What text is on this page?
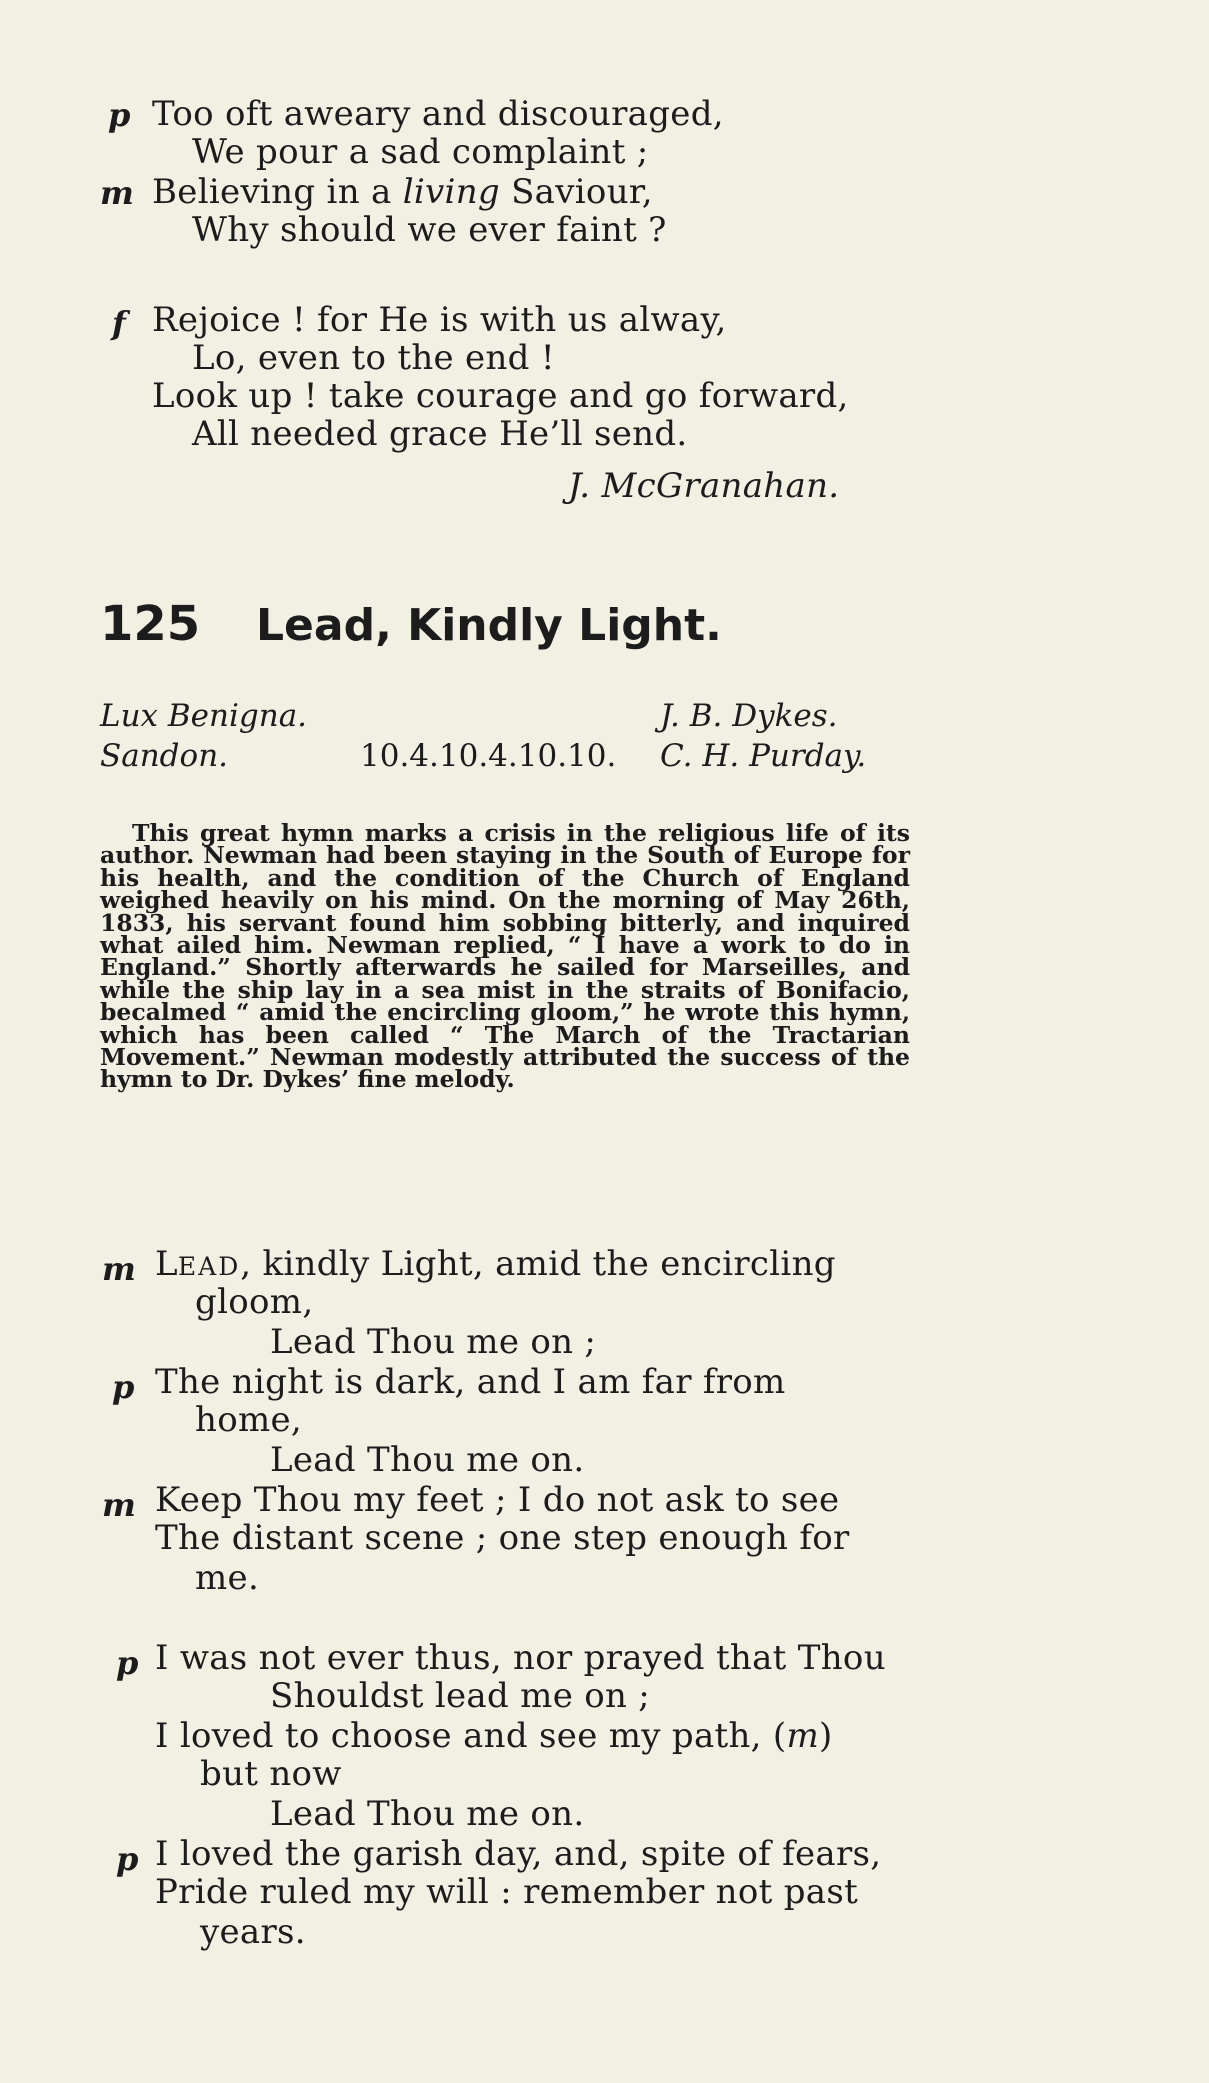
p Too oft aweary and discouraged,
We pour a sad complaint ;
m Believing in a living Saviour,
Why should we ever faint ?
f Rejoice ! for He is with us alway,
Lo, even to the end !
Look up ! take courage and go forward,
All needed grace He’ll send.
J. McGranahan.
125 Lead, Kindly Light.
Lux Benigna.	J. B. Dykes.
Sandon.	10.4.10.4.10.10. C. H. Purday.
This great hymn marks a crisis in the religious life of its author. Newman had been staying in the South of Europe for his health, and the condition of the Church of England weighed heavily on his mind. On the morning of May 26th, 1833, his servant found him sobbing bitterly, and inquired what ailed him. Newman replied, “ I have a work to do in England.” Shortly afterwards he sailed for Marseilles, and while the ship lay in a sea mist in the straits of Bonifacio, becalmed “ amid the encircling gloom,” he wrote this hymn, which has been called “ The March of the Tractarian Movement.” Newman modestly attributed the success of the hymn to Dr. Dykes’ fine melody.
m LEAD, kindly Light, amid the encircling
gloom,
Lead Thou me on ;
p The night is dark, and I am far from
home,
Lead Thou me on.
m Keep Thou my feet ; I do not ask to see
The distant scene ; one step enough for
me.
p I was not ever thus, nor prayed that Thou
Shouldst lead me on ;
I loved to choose and see my path, (m)
but now
Lead Thou me on.
p I loved the garish day, and, spite of fears,
Pride ruled my will : remember not past
years.
